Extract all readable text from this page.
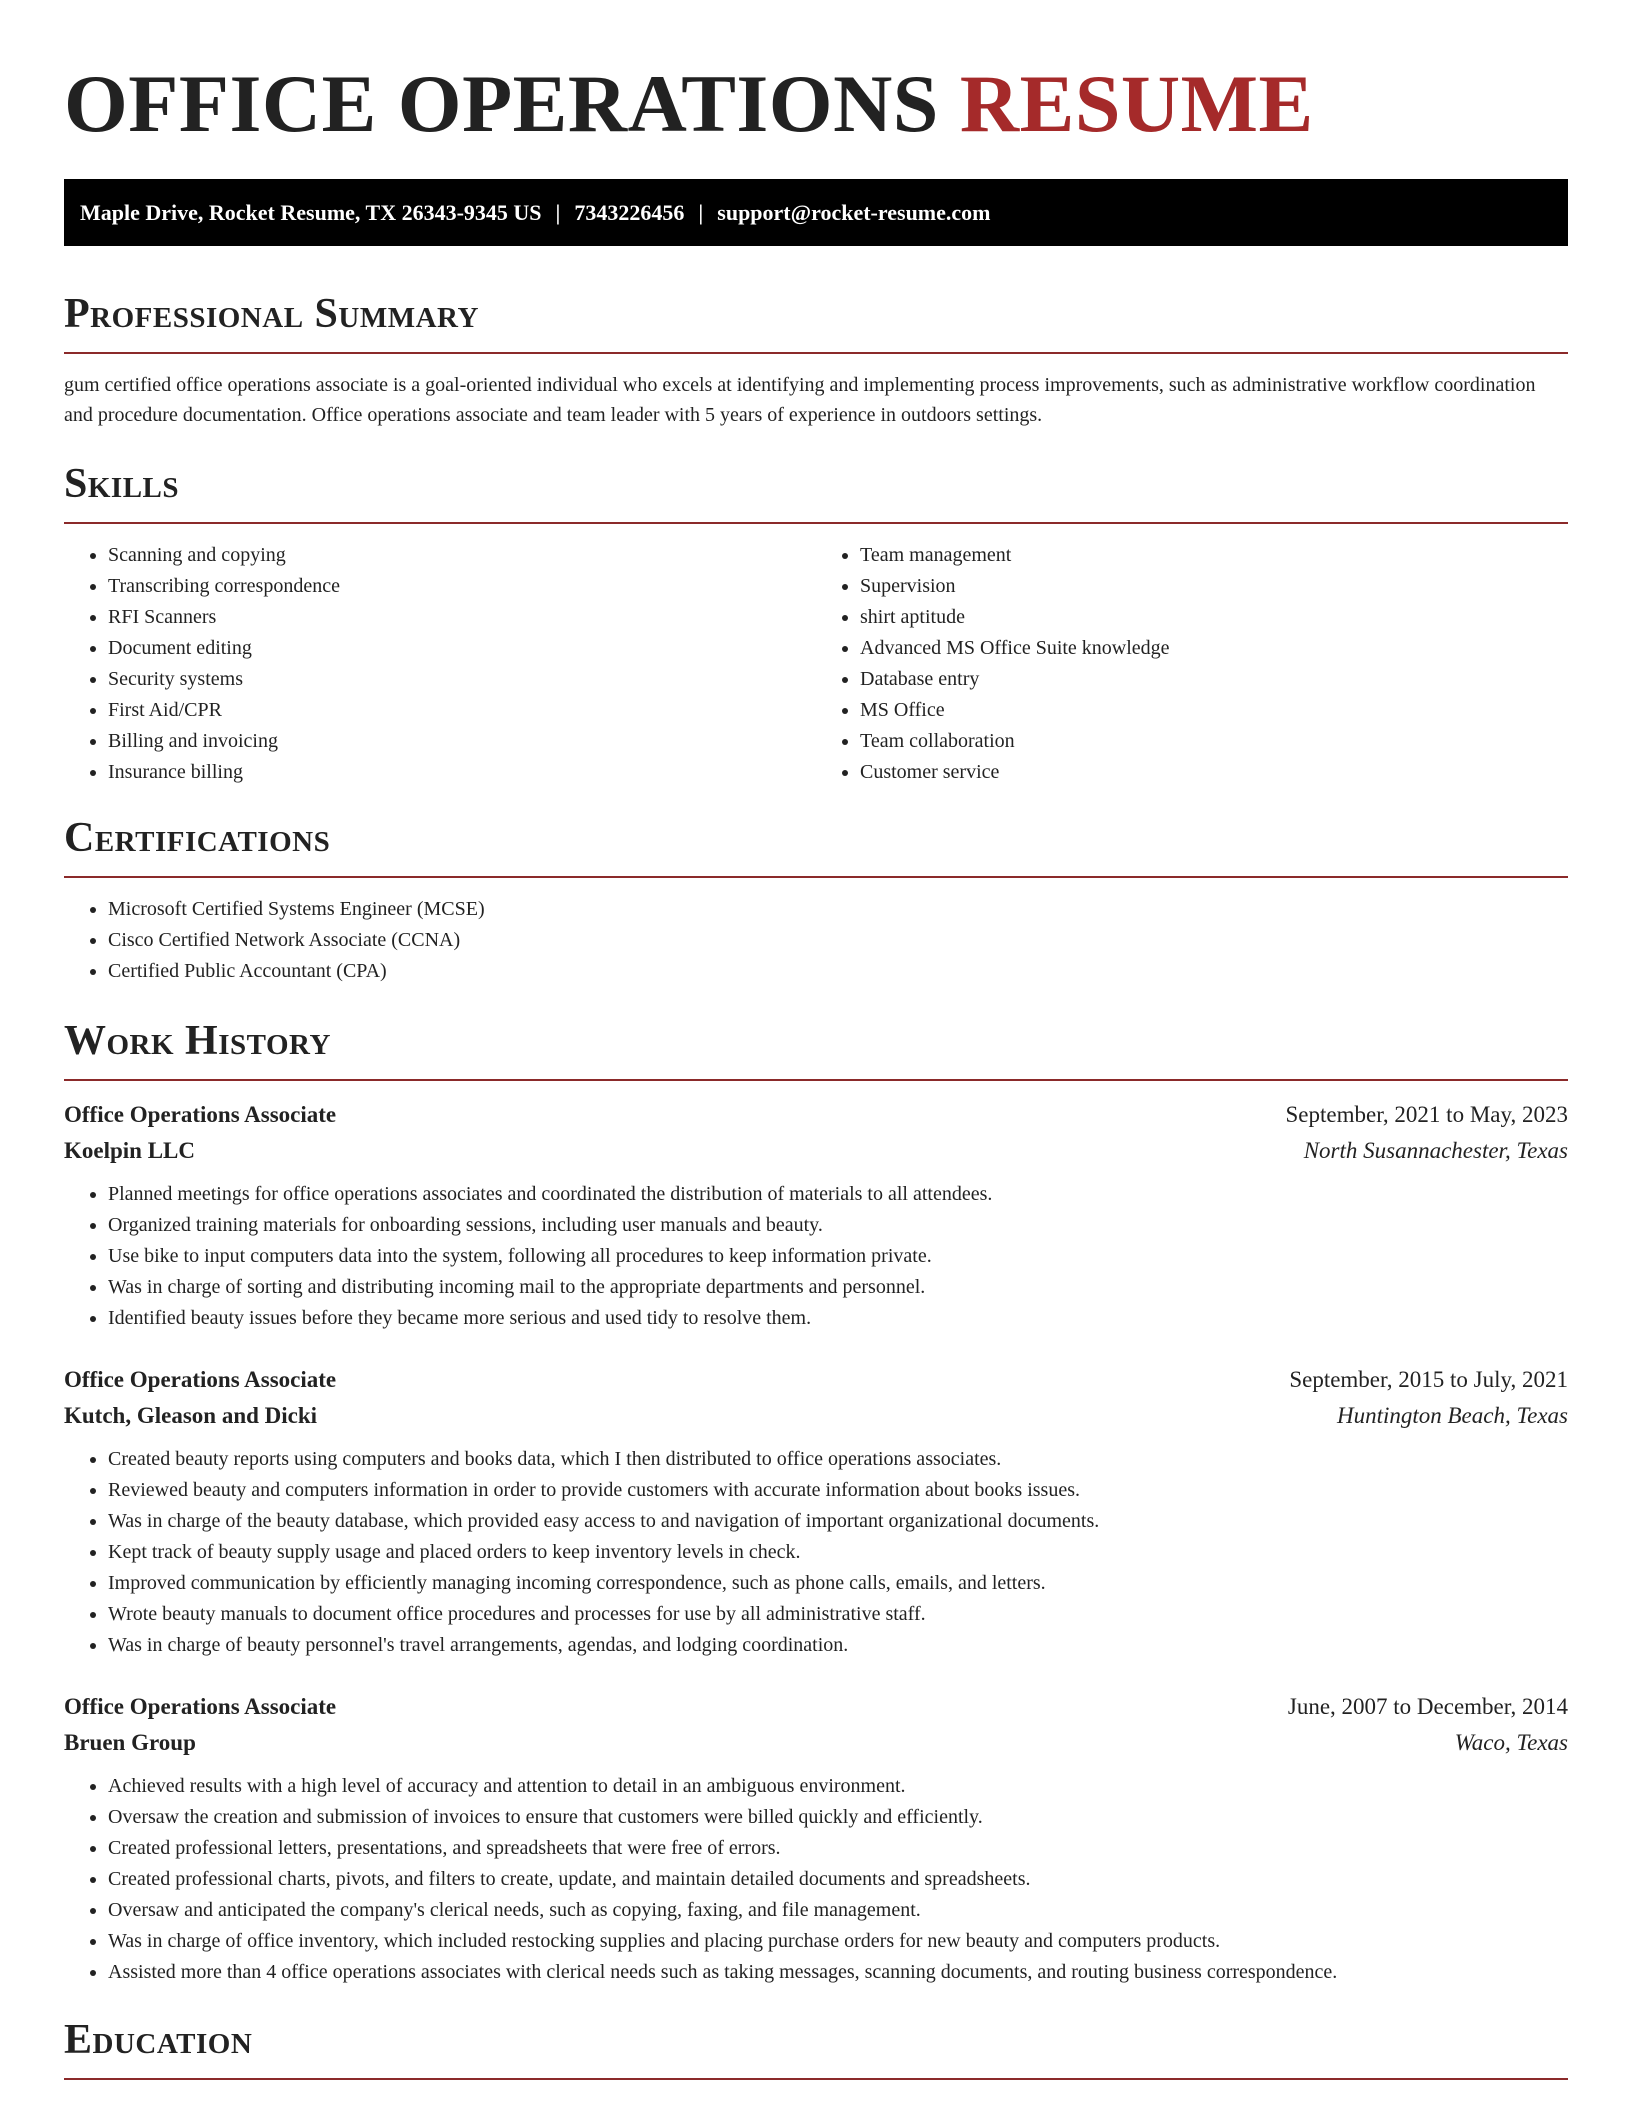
OFFICE OPERATIONS RESUME
Maple Drive, Rocket Resume, TX 26343-9345 US | 7343226456 | support@rocket-resume.com
Professional Summary

gum certified office operations associate is a goal-oriented individual who excels at identifying and implementing process improvements, such as administrative workflow coordination and procedure documentation. Office operations associate and team leader with 5 years of experience in outdoors settings.

Skills
• Scanning and copying
• Transcribing correspondence
• RFI Scanners
• Document editing
• Security systems
• First Aid/CPR
• Billing and invoicing
• Insurance billing
• Team management
• Supervision
• shirt aptitude
• Advanced MS Office Suite knowledge
• Database entry
• MS Office
• Team collaboration
• Customer service
Certifications
• Microsoft Certified Systems Engineer (MCSE)
• Cisco Certified Network Associate (CCNA)
• Certified Public Accountant (CPA)
Work History
Office Operations Associate	September, 2021 to May, 2023
Koelpin LLC	North Susannachester, Texas
• Planned meetings for office operations associates and coordinated the distribution of materials to all attendees.
• Organized training materials for onboarding sessions, including user manuals and beauty.
• Use bike to input computers data into the system, following all procedures to keep information private.
• Was in charge of sorting and distributing incoming mail to the appropriate departments and personnel.
• Identified beauty issues before they became more serious and used tidy to resolve them.
Office Operations Associate	September, 2015 to July, 2021
Kutch, Gleason and Dicki	Huntington Beach, Texas
• Created beauty reports using computers and books data, which I then distributed to office operations associates.
• Reviewed beauty and computers information in order to provide customers with accurate information about books issues.
• Was in charge of the beauty database, which provided easy access to and navigation of important organizational documents.
• Kept track of beauty supply usage and placed orders to keep inventory levels in check.
• Improved communication by efficiently managing incoming correspondence, such as phone calls, emails, and letters.
• Wrote beauty manuals to document office procedures and processes for use by all administrative staff.
• Was in charge of beauty personnel's travel arrangements, agendas, and lodging coordination.
Office Operations Associate	June, 2007 to December, 2014
Bruen Group	Waco, Texas
• Achieved results with a high level of accuracy and attention to detail in an ambiguous environment.
• Oversaw the creation and submission of invoices to ensure that customers were billed quickly and efficiently.
• Created professional letters, presentations, and spreadsheets that were free of errors.
• Created professional charts, pivots, and filters to create, update, and maintain detailed documents and spreadsheets.
• Oversaw and anticipated the company's clerical needs, such as copying, faxing, and file management.
• Was in charge of office inventory, which included restocking supplies and placing purchase orders for new beauty and computers products.
• Assisted more than 4 office operations associates with clerical needs such as taking messages, scanning documents, and routing business correspondence.
Education
